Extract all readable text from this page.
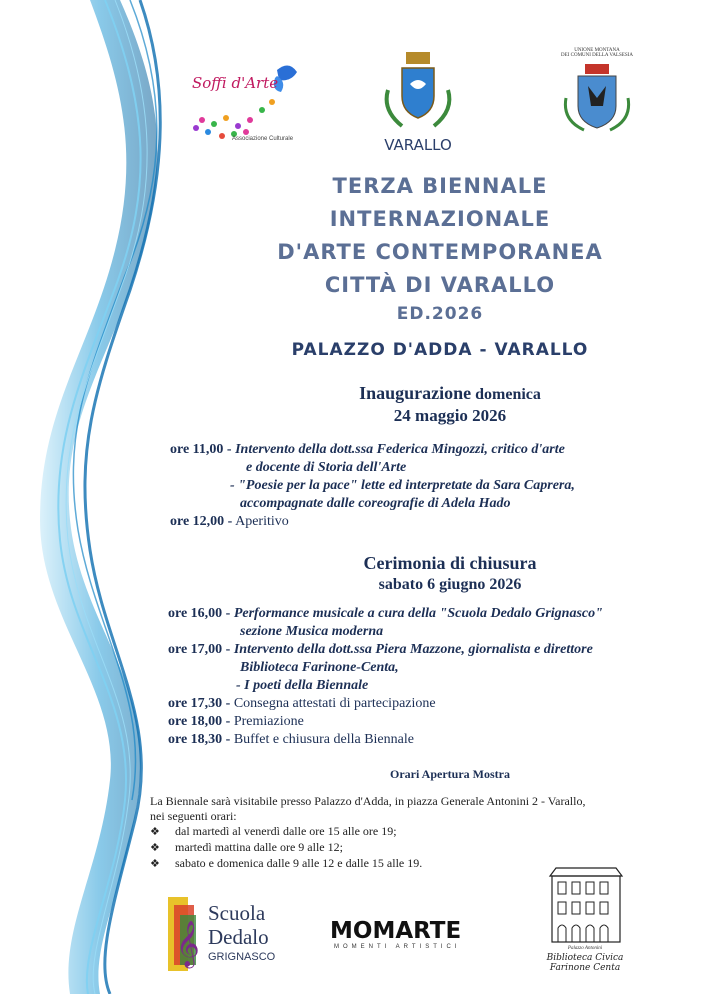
Soffi d'Arte
Associazione Culturale	VARALLO
UNIONE MONTANA
DEI COMUNI DELLA VALSESIA
TERZA BIENNALE
INTERNAZIONALE
D'ARTE CONTEMPORANEA
CITTÀ DI VARALLO
ED.2026
PALAZZO D'ADDA - VARALLO
Inaugurazione domenica
24 maggio 2026
ore 11,00 - Intervento della dott.ssa Federica Mingozzi, critico d'arte
e docente di Storia dell'Arte
- "Poesie per la pace" lette ed interpretate da Sara Caprera,
accompagnate dalle coreografie di Adela Hado
ore 12,00 - Aperitivo
Cerimonia di chiusura
sabato 6 giugno 2026
ore 16,00 - Performance musicale a cura della "Scuola Dedalo Grignasco"
sezione Musica moderna
ore 17,00 - Intervento della dott.ssa Piera Mazzone, giornalista e direttore
Biblioteca Farinone-Centa,
- I poeti della Biennale
ore 17,30 - Consegna attestati di partecipazione
ore 18,00 - Premiazione
ore 18,30 - Buffet e chiusura della Biennale
Orari Apertura Mostra
La Biennale sarà visitabile presso Palazzo d'Adda, in piazza Generale Antonini 2 - Varallo,
nei seguenti orari:
❖ dal martedì al venerdì dalle ore 15 alle ore 19;
❖ martedì mattina dalle ore 9 alle 12;
❖ sabato e domenica dalle 9 alle 12 e dalle 15 alle 19.
𝄞
Scuola
Dedalo
GRIGNASCO
MOMARTE
MOMENTI ARTISTICI	Palazzo Antonini
Biblioteca Civica
Farinone Centa
